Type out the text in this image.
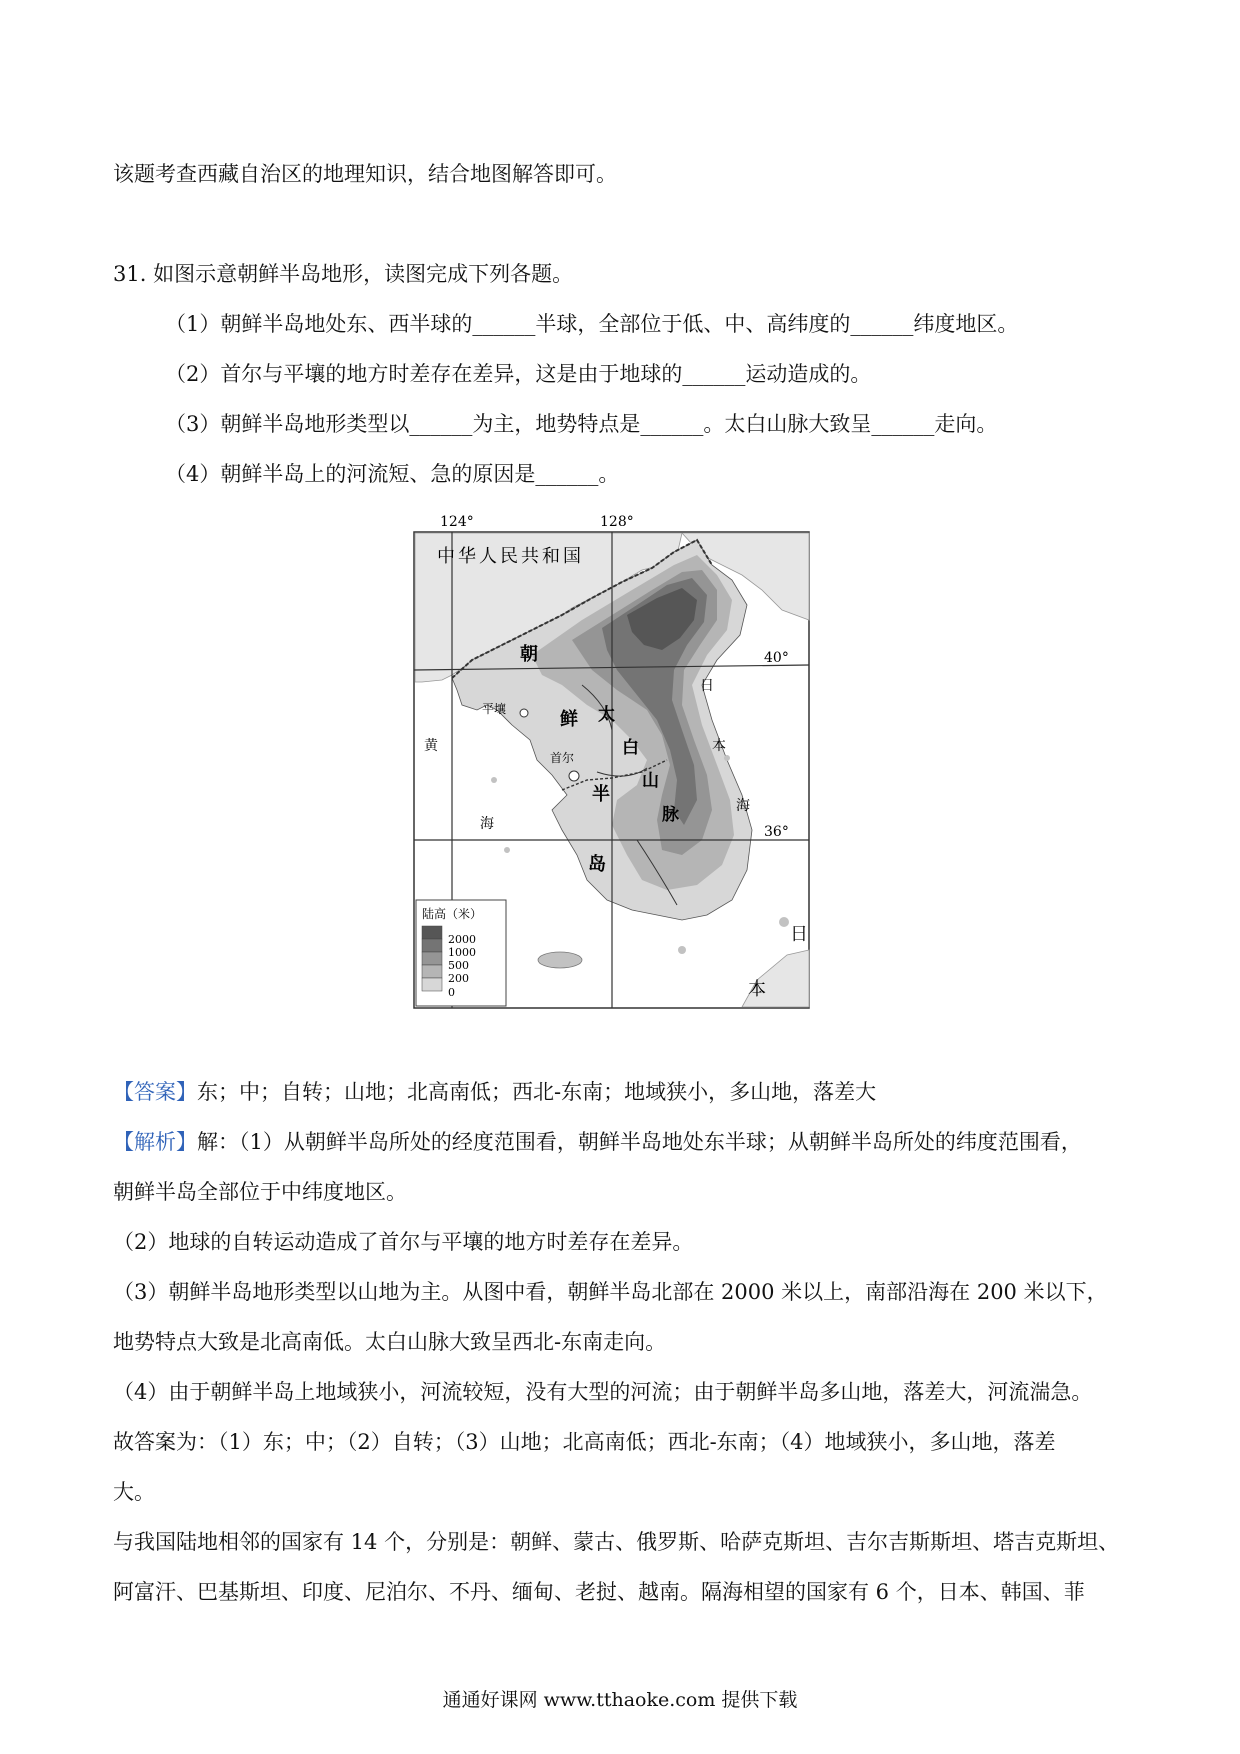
该题考查西藏自治区的地理知识，结合地图解答即可。
31. 如图示意朝鲜半岛地形，读图完成下列各题。
（1）朝鲜半岛地处东、西半球的______半球，全部位于低、中、高纬度的______纬度地区。
（2）首尔与平壤的地方时差存在差异，这是由于地球的______运动造成的。
（3）朝鲜半岛地形类型以______为主，地势特点是______。太白山脉大致呈______走向。
（4）朝鲜半岛上的河流短、急的原因是______。
124°	128°
40°
36°
中华人民共和国
平壤
首尔
朝
鲜
半
岛
太
白
山
脉
黄
海
日
本
海
日
本
陆高（米）
2000
1000
500
200
0
【答案】东；中；自转；山地；北高南低；西北-东南；地域狭小，多山地，落差大
【解析】解：（1）从朝鲜半岛所处的经度范围看，朝鲜半岛地处东半球；从朝鲜半岛所处的纬度范围看，
朝鲜半岛全部位于中纬度地区。
（2）地球的自转运动造成了首尔与平壤的地方时差存在差异。
（3）朝鲜半岛地形类型以山地为主。从图中看，朝鲜半岛北部在 2000 米以上，南部沿海在 200 米以下，
地势特点大致是北高南低。太白山脉大致呈西北-东南走向。
（4）由于朝鲜半岛上地域狭小，河流较短，没有大型的河流；由于朝鲜半岛多山地，落差大，河流湍急。
故答案为：（1）东；中；（2）自转；（3）山地；北高南低；西北-东南；（4）地域狭小，多山地，落差
大。
与我国陆地相邻的国家有 14 个，分别是：朝鲜、蒙古、俄罗斯、哈萨克斯坦、吉尔吉斯斯坦、塔吉克斯坦、
阿富汗、巴基斯坦、印度、尼泊尔、不丹、缅甸、老挝、越南。隔海相望的国家有 6 个，日本、韩国、菲
通通好课网 www.tthaoke.com 提供下载
